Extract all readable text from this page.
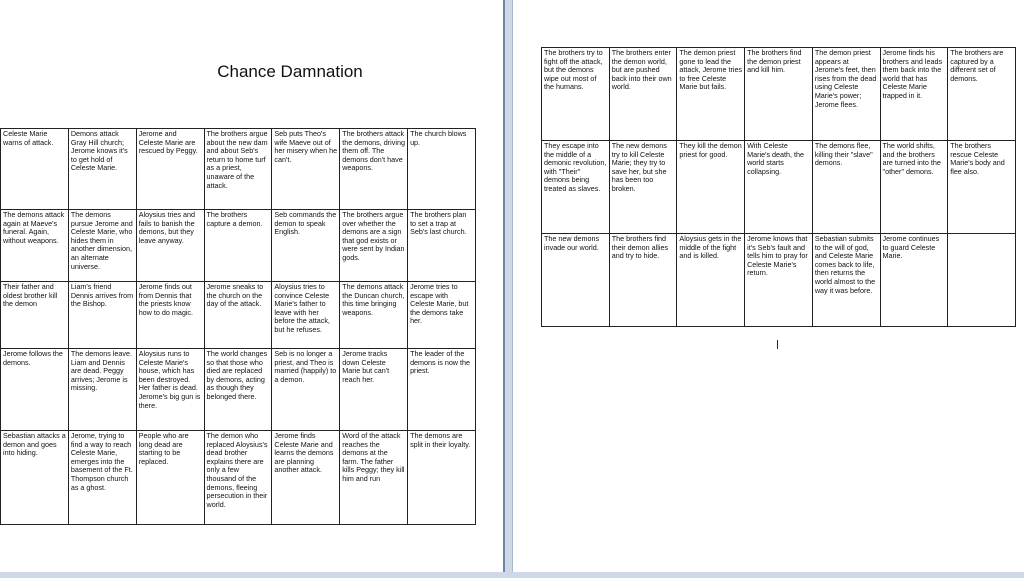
Chance Damnation
Celeste Marie warns of attack.	Demons attack Gray Hill church; Jerome knows it's to get hold of Celeste Marie.	Jerome and Celeste Marie are rescued by Peggy.	The brothers argue about the new dam and about Seb's return to home turf as a priest, unaware of the attack.	Seb puts Theo's wife Maeve out of her misery when he can't.	The brothers attack the demons, driving them off. The demons don't have weapons.	The church blows up.
The demons attack again at Maeve's funeral. Again, without weapons.	The demons pursue Jerome and Celeste Marie, who hides them in another dimension, an alternate universe.	Aloysius tries and fails to banish the demons, but they leave anyway.	The brothers capture a demon.	Seb commands the demon to speak English.	The brothers argue over whether the demons are a sign that god exists or were sent by Indian gods.	The brothers plan to set a trap at Seb's last church.
Their father and oldest brother kill the demon	Liam's friend Dennis arrives from the Bishop.	Jerome finds out from Dennis that the priests know how to do magic.	Jerome sneaks to the church on the day of the attack.	Aloysius tries to convince Celeste Marie's father to leave with her before the attack, but he refuses.	The demons attack the Duncan church, this time bringing weapons.	Jerome tries to escape with Celeste Marie, but the demons take her.
Jerome follows the demons.	The demons leave. Liam and Dennis are dead. Peggy arrives; Jerome is missing.	Aloysius runs to Celeste Marie's house, which has been destroyed. Her father is dead. Jerome's big gun is there.	The world changes so that those who died are replaced by demons, acting as though they belonged there.	Seb is no longer a priest, and Theo is married (happily) to a demon.	Jerome tracks down Celeste Marie but can't reach her.	The leader of the demons is now the priest.
Sebastian attacks a demon and goes into hiding.	Jerome, trying to find a way to reach Celeste Marie, emerges into the basement of the Ft. Thompson church as a ghost.	People who are long dead are starting to be replaced.	The demon who replaced Aloysius's dead brother explains there are only a few thousand of the demons, fleeing persecution in their world.	Jerome finds Celeste Marie and learns the demons are planning another attack.	Word of the attack reaches the demons at the farm. The father kills Peggy; they kill him and run	The demons are split in their loyalty.
The brothers try to fight off the attack, but the demons wipe out most of the humans.	The brothers enter the demon world, but are pushed back into their own world.	The demon priest gone to lead the attack, Jerome tries to free Celeste Marie but fails.	The brothers find the demon priest and kill him.	The demon priest appears at Jerome's feet, then rises from the dead using Celeste Marie's power; Jerome flees.	Jerome finds his brothers and leads them back into the world that has Celeste Marie trapped in it.	The brothers are captured by a different set of demons.
They escape into the middle of a demonic revolution, with "Their" demons being treated as slaves.	The new demons try to kill Celeste Marie; they try to save her, but she has been too broken.	They kill the demon priest for good.	With Celeste Marie's death, the world starts collapsing.	The demons flee, killing their "slave" demons.	The world shifts, and the brothers are turned into the "other" demons.	The brothers rescue Celeste Marie's body and flee also.
The new demons invade our world.	The brothers find their demon allies and try to hide.	Aloysius gets in the middle of the fight and is killed.	Jerome knows that it's Seb's fault and tells him to pray for Celeste Marie's return.	Sebastian submits to the will of god, and Celeste Marie comes back to life, then returns the world almost to the way it was before.	Jerome continues to guard Celeste Marie.	
